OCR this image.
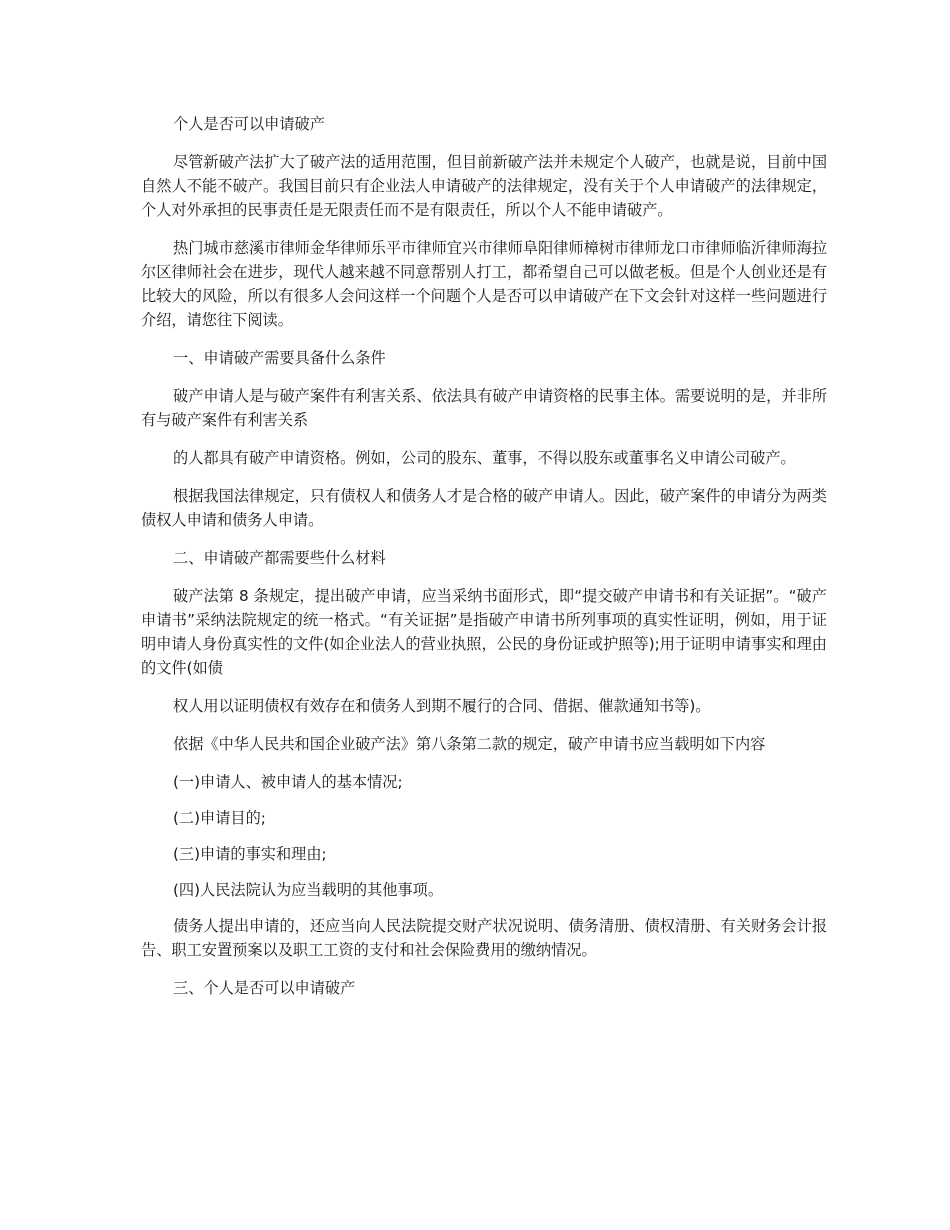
个人是否可以申请破产

尽管新破产法扩大了破产法的适用范围，但目前新破产法并未规定个人破产，也就是说，目前中国自然人不能不破产。我国目前只有企业法人申请破产的法律规定，没有关于个人申请破产的法律规定，个人对外承担的民事责任是无限责任而不是有限责任，所以个人不能申请破产。

热门城市慈溪市律师金华律师乐平市律师宜兴市律师阜阳律师樟树市律师龙口市律师临沂律师海拉尔区律师社会在进步，现代人越来越不同意帮别人打工，都希望自己可以做老板。但是个人创业还是有比较大的风险，所以有很多人会问这样一个问题个人是否可以申请破产在下文会针对这样一些问题进行介绍，请您往下阅读。

一、申请破产需要具备什么条件

破产申请人是与破产案件有利害关系、依法具有破产申请资格的民事主体。需要说明的是，并非所有与破产案件有利害关系

的人都具有破产申请资格。例如，公司的股东、董事，不得以股东或董事名义申请公司破产。

根据我国法律规定，只有债权人和债务人才是合格的破产申请人。因此，破产案件的申请分为两类债权人申请和债务人申请。

二、申请破产都需要些什么材料

破产法第 8 条规定，提出破产申请，应当采纳书面形式，即“提交破产申请书和有关证据”。“破产申请书”采纳法院规定的统一格式。“有关证据”是指破产申请书所列事项的真实性证明，例如，用于证明申请人身份真实性的文件(如企业法人的营业执照，公民的身份证或护照等);用于证明申请事实和理由的文件(如债

权人用以证明债权有效存在和债务人到期不履行的合同、借据、催款通知书等)。

依据《中华人民共和国企业破产法》第八条第二款的规定，破产申请书应当载明如下内容

(一)申请人、被申请人的基本情况;

(二)申请目的;

(三)申请的事实和理由;

(四)人民法院认为应当载明的其他事项。

债务人提出申请的，还应当向人民法院提交财产状况说明、债务清册、债权清册、有关财务会计报告、职工安置预案以及职工工资的支付和社会保险费用的缴纳情况。

三、个人是否可以申请破产
